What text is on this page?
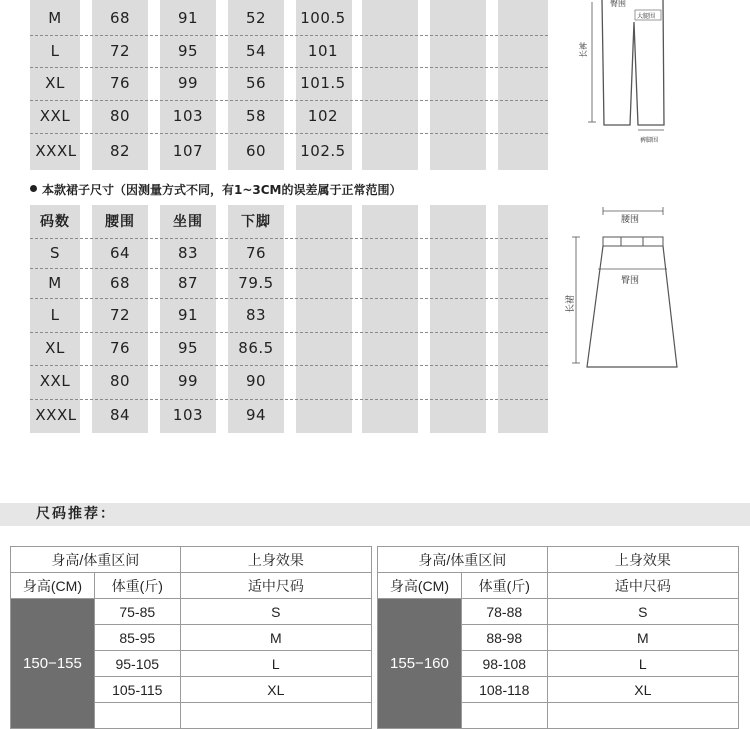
M	68	91	52	100.5
L	72	95	54	101
XL	76	99	56	101.5
XXL	80	103	58	102
XXXL	82	107	60	102.5
臀围
大腿围
长裤
裤脚围
本款裙子尺寸（因测量方式不同，有1~3CM的误差属于正常范围）
码数	腰围	坐围	下脚
S	64	83	76
M	68	87	79.5
L	72	91	83
XL	76	95	86.5
XXL	80	99	90
XXXL	84	103	94
腰围
臀围
长裙
尺码推荐：
身高/体重区间		上身效果
身高(CM)	体重(斤)	适中尺码
150−155	75-85	S
	85-95	M
	95-105	L
	105-115	XL

身高/体重区间		上身效果
身高(CM)	体重(斤)	适中尺码
155−160	78-88	S
	88-98	M
	98-108	L
	108-118	XL
